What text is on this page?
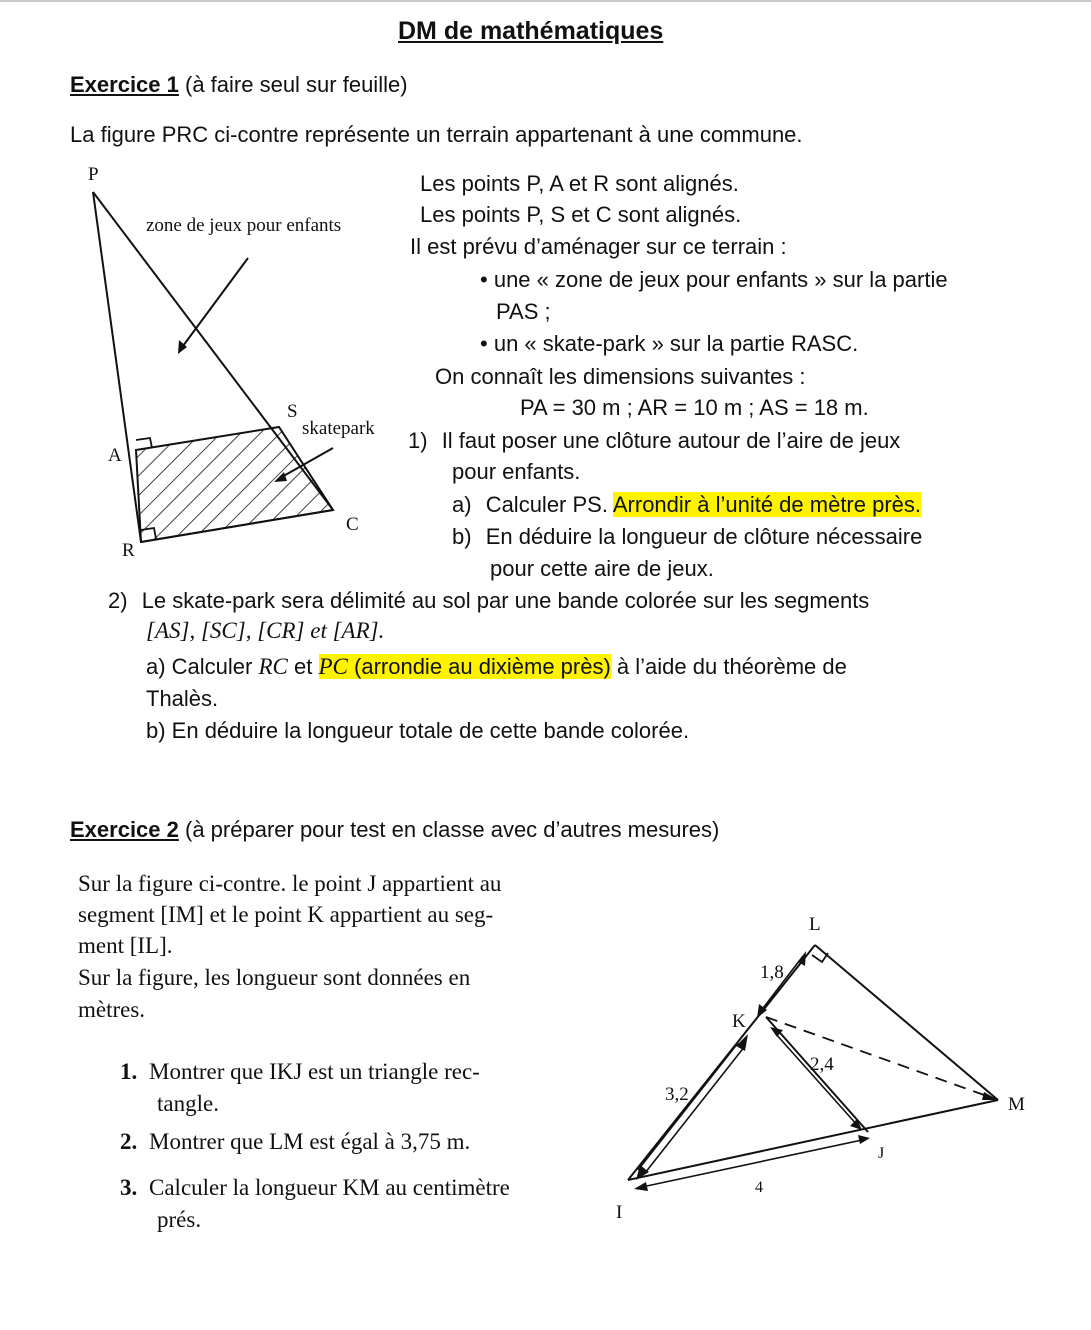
DM de mathématiques
Exercice 1 (à faire seul sur feuille)
La figure PRC ci-contre représente un terrain appartenant à une commune.
Les points P, A et R sont alignés.
Les points P, S et C sont alignés.
Il est prévu d’aménager sur ce terrain :
• une « zone de jeux pour enfants » sur la partie
PAS ;
• un « skate-park » sur la partie RASC.
On connaît les dimensions suivantes :
PA = 30 m ; AR = 10 m ; AS = 18 m.
1) Il faut poser une clôture autour de l’aire de jeux
pour enfants.
a) Calculer PS. Arrondir à l’unité de mètre près.
b) En déduire la longueur de clôture nécessaire
pour cette aire de jeux.
2) Le skate-park sera délimité au sol par une bande colorée sur les segments
[AS], [SC], [CR] et [AR].
a) Calculer RC et PC (arrondie au dixième près) à l’aide du théorème de
Thalès.
b) En déduire la longueur totale de cette bande colorée.
P
A
R
S
C
zone de jeux pour enfants
skatepark
Exercice 2 (à préparer pour test en classe avec d’autres mesures)
Sur la figure ci-contre. le point J appartient au
segment [IM] et le point K appartient au seg-
ment [IL].
Sur la figure, les longueur sont données en
mètres.
1. Montrer que IKJ est un triangle rec-
tangle.
2. Montrer que LM est égal à 3,75 m.
3. Calculer la longueur KM au centimètre
prés.
L
K
M
J
I
1,8
2,4
3,2
4
